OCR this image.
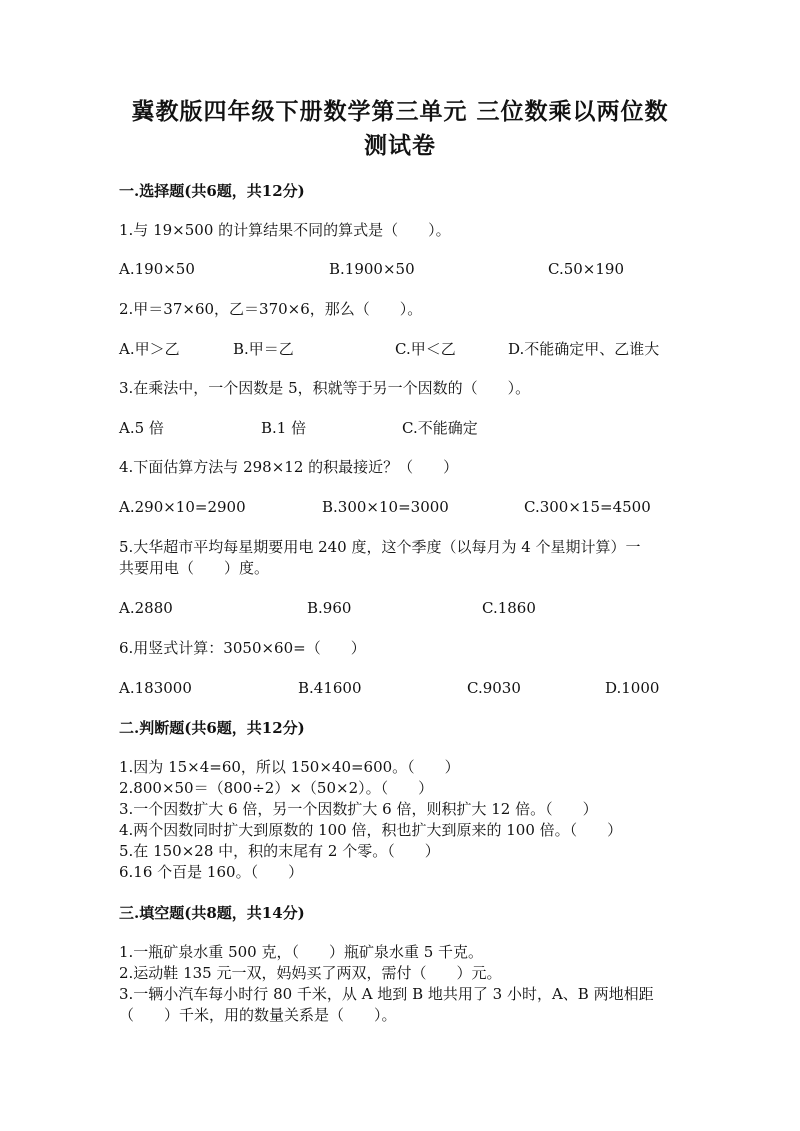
冀教版四年级下册数学第三单元 三位数乘以两位数
测试卷
一.选择题(共6题，共12分)
1.与 19×500 的计算结果不同的算式是（　　）。
A.190×50	B.1900×50	C.50×190
2.甲＝37×60，乙＝370×6，那么（　　）。
A.甲＞乙	B.甲＝乙	C.甲＜乙	D.不能确定甲、乙谁大
3.在乘法中，一个因数是 5，积就等于另一个因数的（　　）。
A.5 倍	B.1 倍	C.不能确定
4.下面估算方法与 298×12 的积最接近？（　　）
A.290×10=2900	B.300×10=3000	C.300×15=4500
5.大华超市平均每星期要用电 240 度，这个季度（以每月为 4 个星期计算）一
共要用电（　　）度。
A.2880	B.960	C.1860
6.用竖式计算：3050×60=（　　）
A.183000	B.41600	C.9030	D.1000
二.判断题(共6题，共12分)
1.因为 15×4=60，所以 150×40=600。（　　）
2.800×50＝（800÷2）×（50×2）。（　　）
3.一个因数扩大 6 倍，另一个因数扩大 6 倍，则积扩大 12 倍。（　　）
4.两个因数同时扩大到原数的 100 倍，积也扩大到原来的 100 倍。（　　）
5.在 150×28 中，积的末尾有 2 个零。（　　）
6.16 个百是 160。（　　）
三.填空题(共8题，共14分)
1.一瓶矿泉水重 500 克，（　　）瓶矿泉水重 5 千克。
2.运动鞋 135 元一双，妈妈买了两双，需付（　　）元。
3.一辆小汽车每小时行 80 千米，从 A 地到 B 地共用了 3 小时，A、B 两地相距
（　　）千米，用的数量关系是（　　）。
